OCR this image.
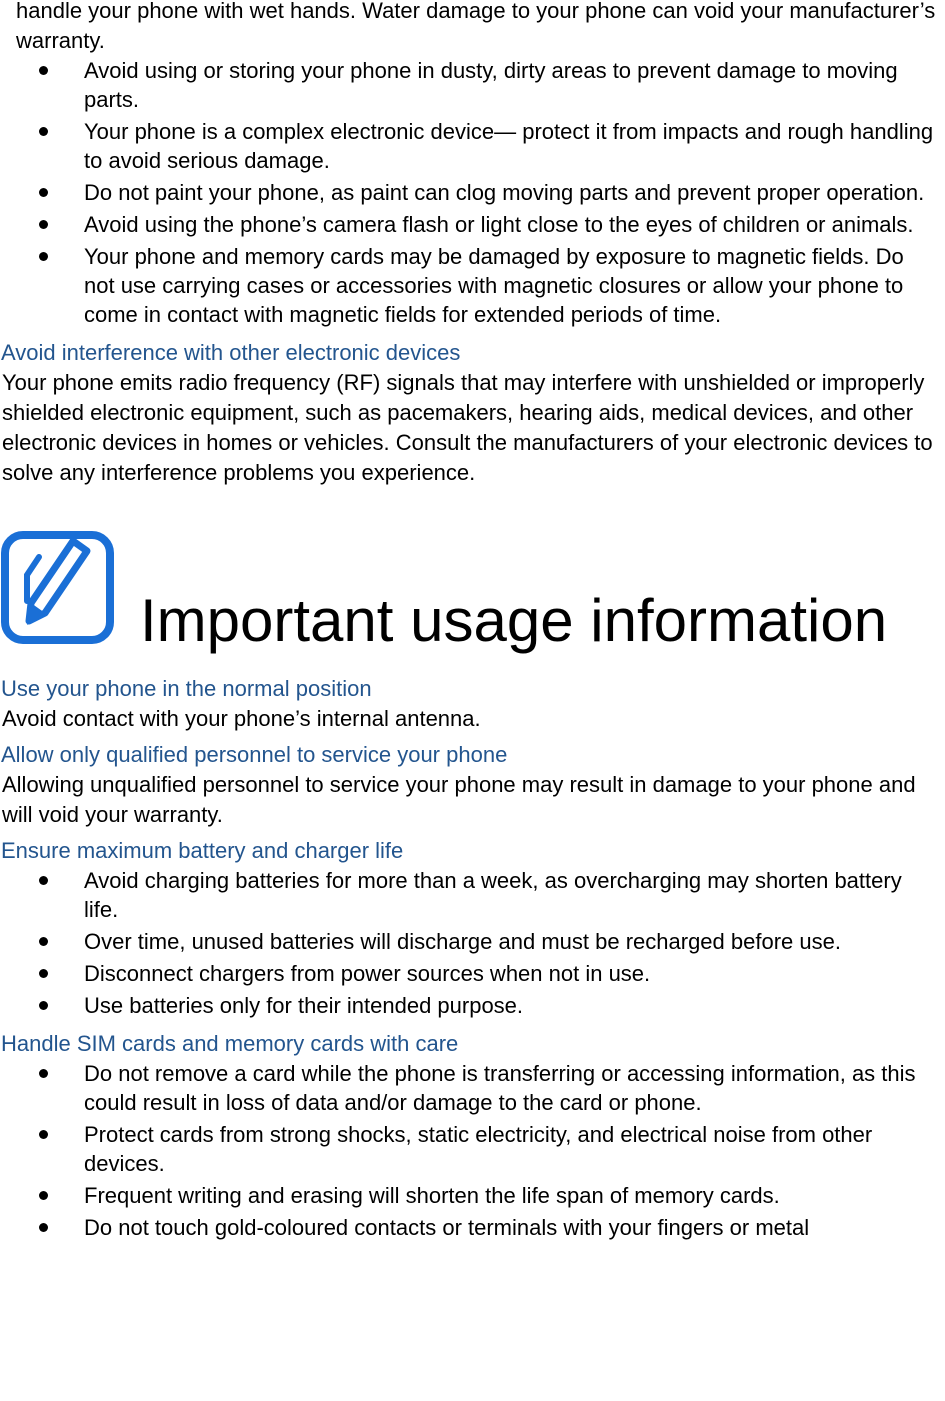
handle your phone with wet hands. Water damage to your phone can void your manufacturer’s warranty.

Avoid using or storing your phone in dusty, dirty areas to prevent damage to moving parts.
Your phone is a complex electronic device— protect it from impacts and rough handling to avoid serious damage.
Do not paint your phone, as paint can clog moving parts and prevent proper operation.
Avoid using the phone’s camera flash or light close to the eyes of children or animals.
Your phone and memory cards may be damaged by exposure to magnetic fields. Do not use carrying cases or accessories with magnetic closures or allow your phone to come in contact with magnetic fields for extended periods of time.
Avoid interference with other electronic devices

Your phone emits radio frequency (RF) signals that may interfere with unshielded or improperly shielded electronic equipment, such as pacemakers, hearing aids, medical devices, and other electronic devices in homes or vehicles. Consult the manufacturers of your electronic devices to solve any interference problems you experience.

Important usage information
Use your phone in the normal position

Avoid contact with your phone’s internal antenna.

Allow only qualified personnel to service your phone

Allowing unqualified personnel to service your phone may result in damage to your phone and will void your warranty.

Ensure maximum battery and charger life
Avoid charging batteries for more than a week, as overcharging may shorten battery life.
Over time, unused batteries will discharge and must be recharged before use.
Disconnect chargers from power sources when not in use.
Use batteries only for their intended purpose.
Handle SIM cards and memory cards with care
Do not remove a card while the phone is transferring or accessing information, as this could result in loss of data and/or damage to the card or phone.
Protect cards from strong shocks, static electricity, and electrical noise from other devices.
Frequent writing and erasing will shorten the life span of memory cards.
Do not touch gold-coloured contacts or terminals with your fingers or metal
